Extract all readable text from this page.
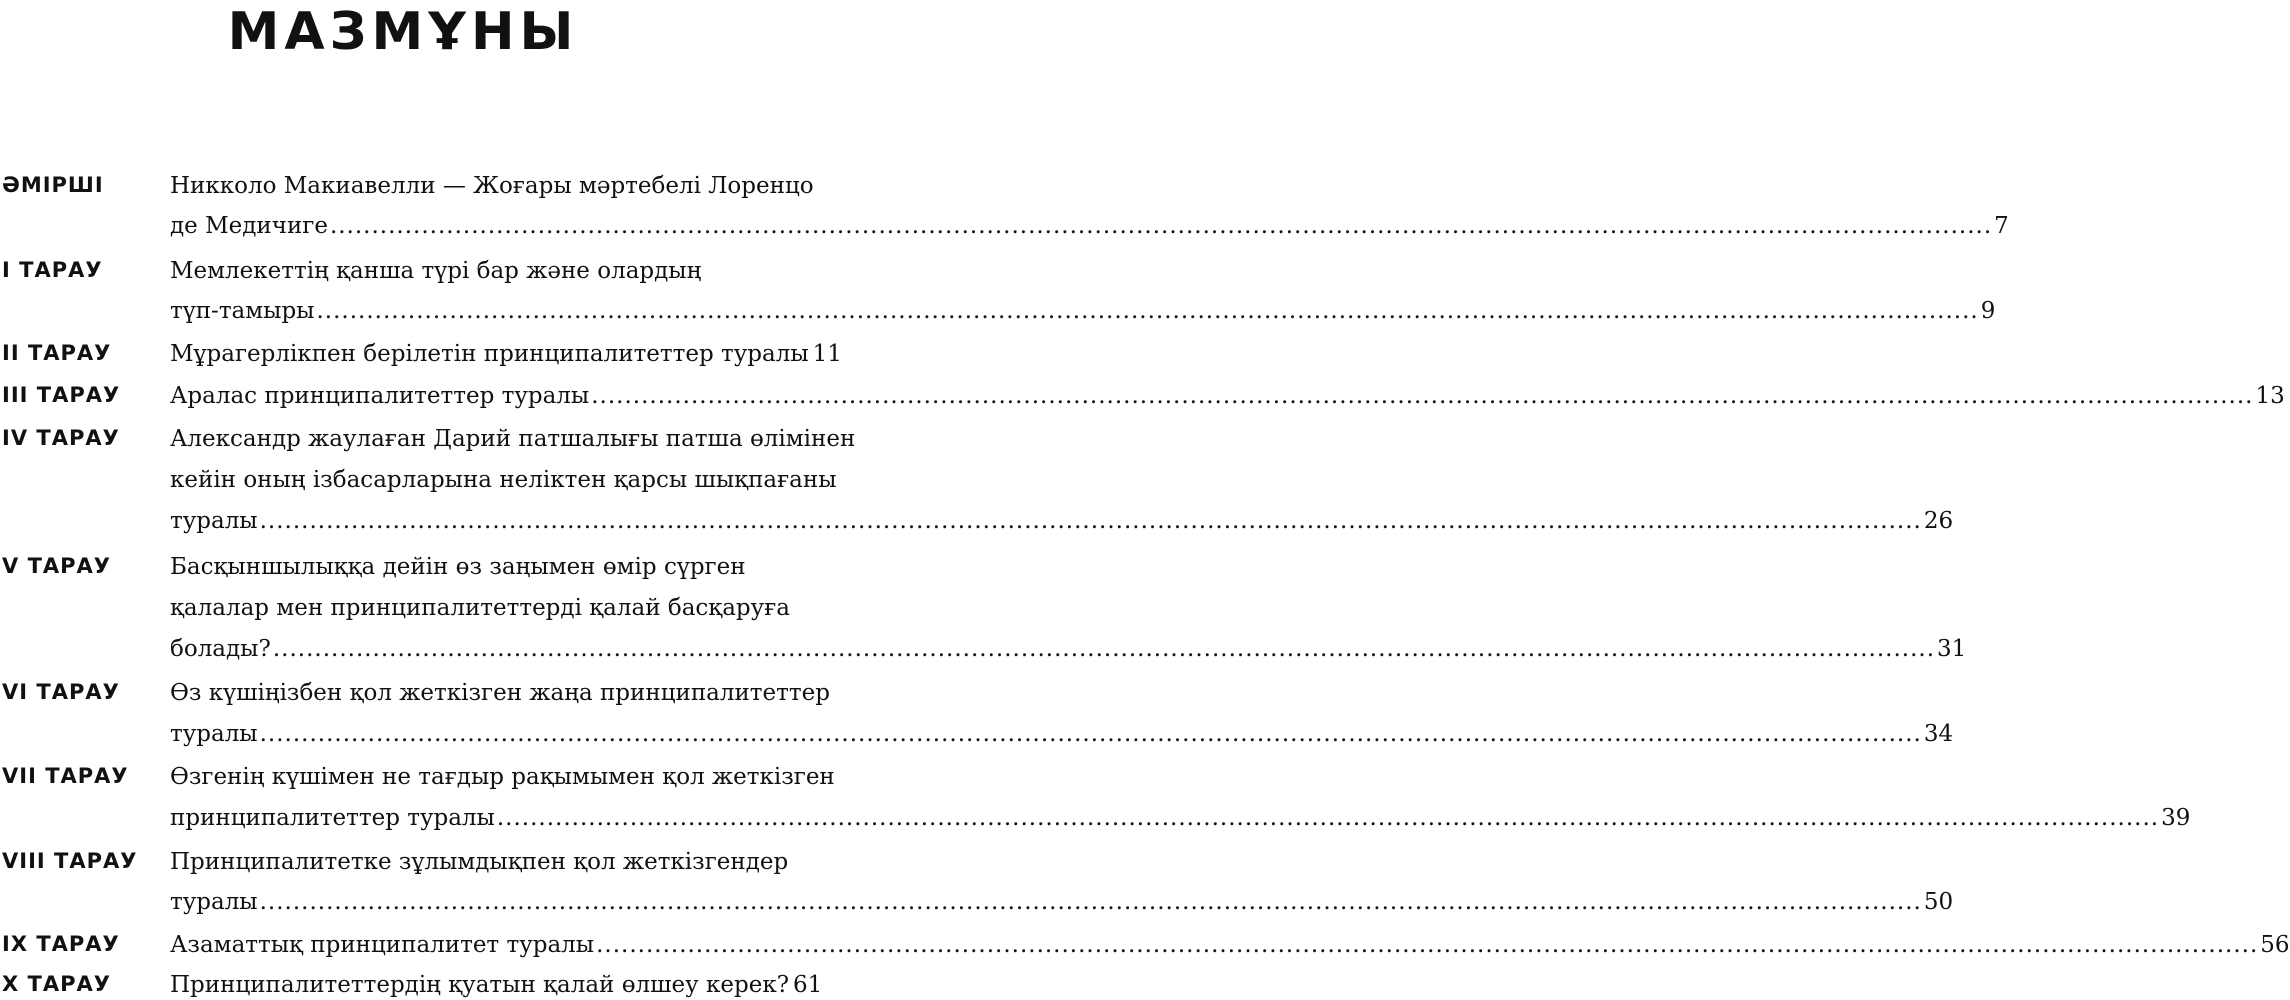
МАЗМҰНЫ
ӘМІРШІ	Никколо Макиавелли — Жоғары мәртебелі Лоренцо
де Медичиге ........................................................................................................................................................................................................ 7
І ТАРАУ	Мемлекеттің қанша түрі бар және олардың
түп-тамыры ........................................................................................................................................................................................................ 9
ІІ ТАРАУ	Мұрагерлікпен берілетін принципалитеттер туралы 11
ІІІ ТАРАУ Аралас принципалитеттер туралы ........................................................................................................................................................................................................ 13
ІV ТАРАУ Александр жаулаған Дарий патшалығы патша өлімінен
кейін оның ізбасарларына неліктен қарсы шықпағаны
туралы ........................................................................................................................................................................................................ 26
V ТАРАУ	Басқыншылыққа дейін өз заңымен өмір сүрген
қалалар мен принципалитеттерді қалай басқаруға
болады? ........................................................................................................................................................................................................ 31
VІ ТАРАУ Өз күшіңізбен қол жеткізген жаңа принципалитеттер
туралы ........................................................................................................................................................................................................ 34
VІІ ТАРАУ Өзгенің күшімен не тағдыр рақымымен қол жеткізген
принципалитеттер туралы ........................................................................................................................................................................................................ 39
VІІІ ТАРАУ Принципалитетке зұлымдықпен қол жеткізгендер
туралы ........................................................................................................................................................................................................ 50
ІX ТАРАУ Азаматтық принципалитет туралы ........................................................................................................................................................................................................ 56
X ТАРАУ	Принципалитеттердің қуатын қалай өлшеу керек? 61
